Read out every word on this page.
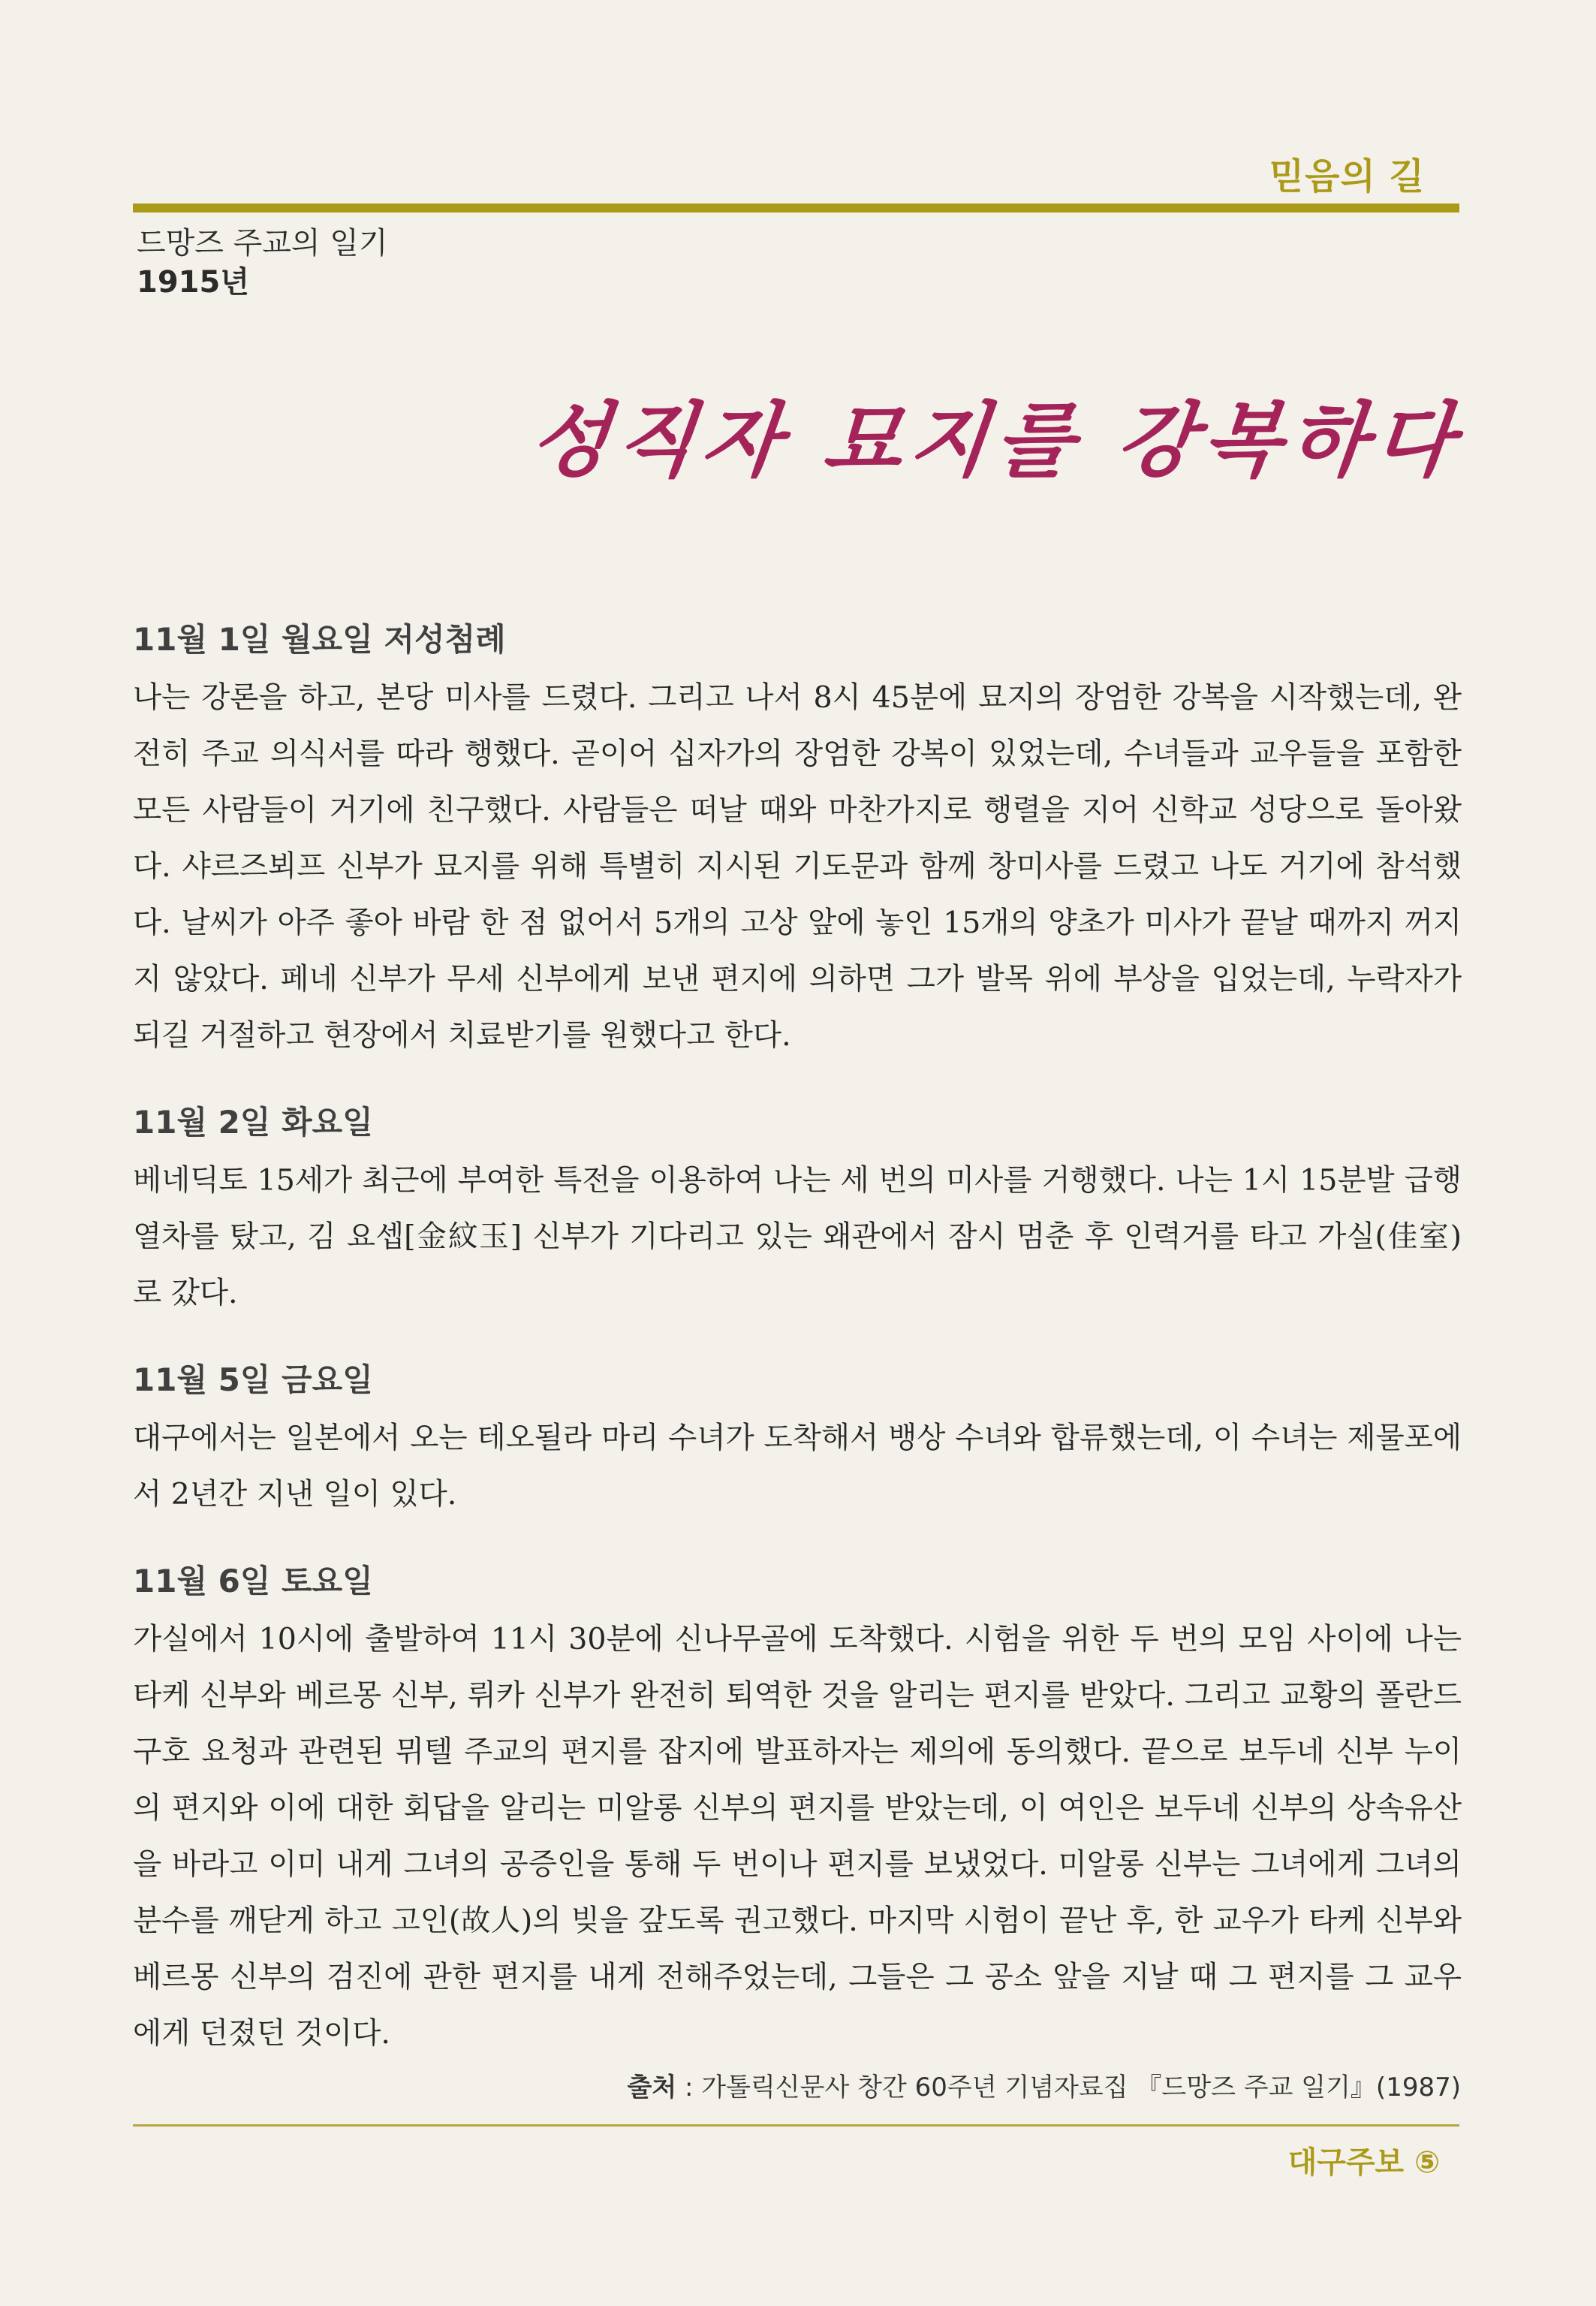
믿음의 길
드망즈 주교의 일기
1915년
성직자 묘지를 강복하다
11월 1일 월요일 저성첨례
나는 강론을 하고, 본당 미사를 드렸다. 그리고 나서 8시 45분에 묘지의 장엄한 강복을 시작했는데, 완전히 주교 의식서를 따라 행했다. 곧이어 십자가의 장엄한 강복이 있었는데, 수녀들과 교우들을 포함한 모든 사람들이 거기에 친구했다. 사람들은 떠날 때와 마찬가지로 행렬을 지어 신학교 성당으로 돌아왔다. 샤르즈뵈프 신부가 묘지를 위해 특별히 지시된 기도문과 함께 창미사를 드렸고 나도 거기에 참석했다. 날씨가 아주 좋아 바람 한 점 없어서 5개의 고상 앞에 놓인 15개의 양초가 미사가 끝날 때까지 꺼지지 않았다. 페네 신부가 무세 신부에게 보낸 편지에 의하면 그가 발목 위에 부상을 입었는데, 누락자가 되길 거절하고 현장에서 치료받기를 원했다고 한다.
11월 2일 화요일
베네딕토 15세가 최근에 부여한 특전을 이용하여 나는 세 번의 미사를 거행했다. 나는 1시 15분발 급행열차를 탔고, 김 요셉[金紋玉] 신부가 기다리고 있는 왜관에서 잠시 멈춘 후 인력거를 타고 가실(佳室)로 갔다.
11월 5일 금요일
대구에서는 일본에서 오는 테오될라 마리 수녀가 도착해서 뱅상 수녀와 합류했는데, 이 수녀는 제물포에서 2년간 지낸 일이 있다.
11월 6일 토요일
가실에서 10시에 출발하여 11시 30분에 신나무골에 도착했다. 시험을 위한 두 번의 모임 사이에 나는 타케 신부와 베르몽 신부, 뤼카 신부가 완전히 퇴역한 것을 알리는 편지를 받았다. 그리고 교황의 폴란드 구호 요청과 관련된 뮈텔 주교의 편지를 잡지에 발표하자는 제의에 동의했다. 끝으로 보두네 신부 누이의 편지와 이에 대한 회답을 알리는 미알롱 신부의 편지를 받았는데, 이 여인은 보두네 신부의 상속유산을 바라고 이미 내게 그녀의 공증인을 통해 두 번이나 편지를 보냈었다. 미알롱 신부는 그녀에게 그녀의 분수를 깨닫게 하고 고인(故人)의 빚을 갚도록 권고했다. 마지막 시험이 끝난 후, 한 교우가 타케 신부와 베르몽 신부의 검진에 관한 편지를 내게 전해주었는데, 그들은 그 공소 앞을 지날 때 그 편지를 그 교우에게 던졌던 것이다.
출처 : 가톨릭신문사 창간 60주년 기념자료집 『드망즈 주교 일기』(1987)
대구주보 ⑤
